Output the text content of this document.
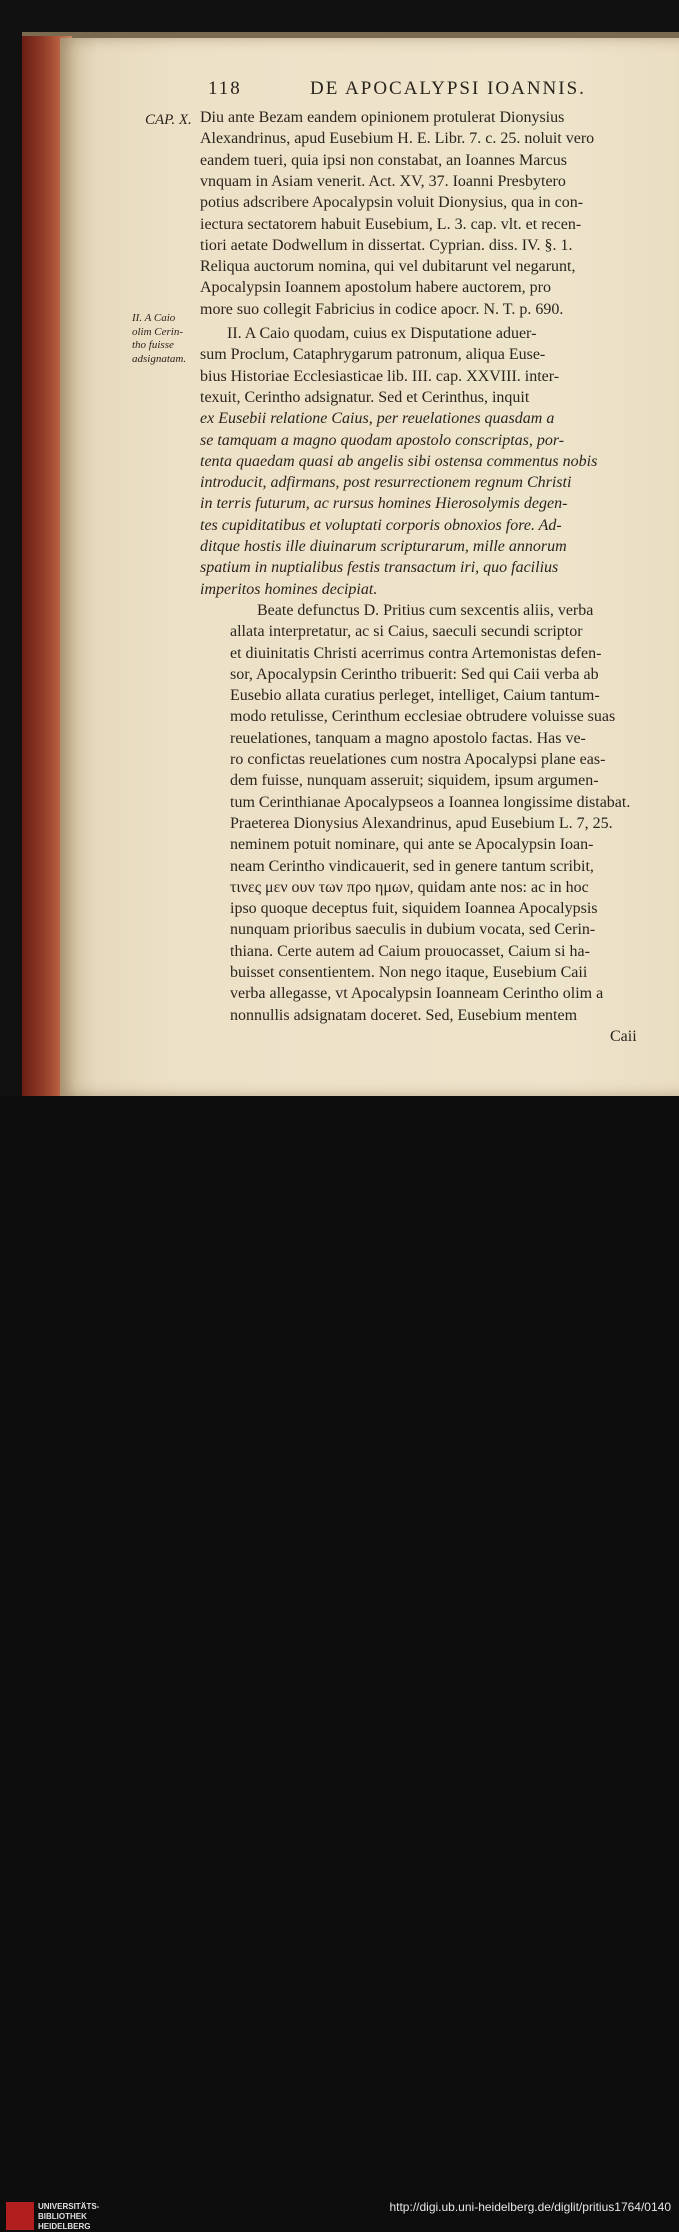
118	DE APOCALYPSI IOANNIS.
CAP. X.
II. A Caio
olim Cerin-
tho fuisse
adsignatam.
Diu ante Bezam eandem opinionem protulerat Dionysius
Alexandrinus, apud Eusebium H. E. Libr. 7. c. 25. noluit vero
eandem tueri, quia ipsi non constabat, an Ioannes Marcus
vnquam in Asiam venerit. Act. XV, 37. Ioanni Presbytero
potius adscribere Apocalypsin voluit Dionysius, qua in con-
iectura sectatorem habuit Eusebium, L. 3. cap. vlt. et recen-
tiori aetate Dodwellum in dissertat. Cyprian. diss. IV. §. 1.
Reliqua auctorum nomina, qui vel dubitarunt vel negarunt,
Apocalypsin Ioannem apostolum habere auctorem, pro
more suo collegit Fabricius in codice apocr. N. T. p. 690.
II. A Caio quodam, cuius ex Disputatione aduer-
sum Proclum, Cataphrygarum patronum, aliqua Euse-
bius Historiae Ecclesiasticae lib. III. cap. XXVIII. inter-
texuit, Cerintho adsignatur. Sed et Cerinthus, inquit
ex Eusebii relatione Caius, per reuelationes quasdam a
se tamquam a magno quodam apostolo conscriptas, por-
tenta quaedam quasi ab angelis sibi ostensa commentus nobis
introducit, adfirmans, post resurrectionem regnum Christi
in terris futurum, ac rursus homines Hierosolymis degen-
tes cupiditatibus et voluptati corporis obnoxios fore. Ad-
ditque hostis ille diuinarum scripturarum, mille annorum
spatium in nuptialibus festis transactum iri, quo facilius
imperitos homines decipiat.
Beate defunctus D. Pritius cum sexcentis aliis, verba
allata interpretatur, ac si Caius, saeculi secundi scriptor
et diuinitatis Christi acerrimus contra Artemonistas defen-
sor, Apocalypsin Cerintho tribuerit: Sed qui Caii verba ab
Eusebio allata curatius perleget, intelliget, Caium tantum-
modo retulisse, Cerinthum ecclesiae obtrudere voluisse suas
reuelationes, tanquam a magno apostolo factas. Has ve-
ro confictas reuelationes cum nostra Apocalypsi plane eas-
dem fuisse, nunquam asseruit; siquidem, ipsum argumen-
tum Cerinthianae Apocalypseos a Ioannea longissime distabat.
Praeterea Dionysius Alexandrinus, apud Eusebium L. 7, 25.
neminem potuit nominare, qui ante se Apocalypsin Ioan-
neam Cerintho vindicauerit, sed in genere tantum scribit,
τινες μεν ουν των προ ημων, quidam ante nos: ac in hoc
ipso quoque deceptus fuit, siquidem Ioannea Apocalypsis
nunquam prioribus saeculis in dubium vocata, sed Cerin-
thiana. Certe autem ad Caium prouocasset, Caium si ha-
buisset consentientem. Non nego itaque, Eusebium Caii
verba allegasse, vt Apocalypsin Ioanneam Cerintho olim a
nonnullis adsignatam doceret. Sed, Eusebium mentem
Caii
UNIVERSITÄTS-
BIBLIOTHEK
HEIDELBERG
http://digi.ub.uni-heidelberg.de/diglit/pritius1764/0140
